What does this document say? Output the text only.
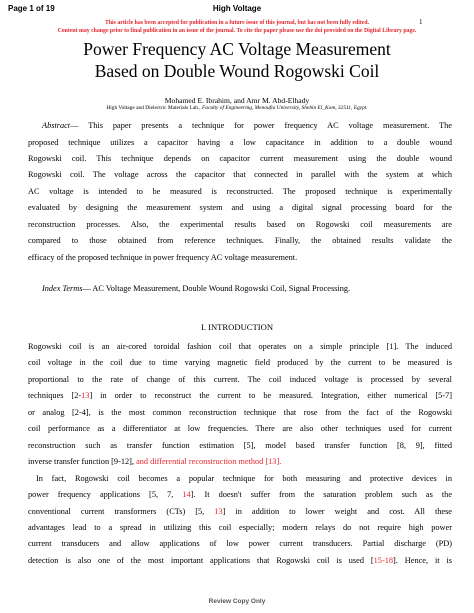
Page 1 of 19	High Voltage
1
This article has been accepted for publication in a future issue of this journal, but has not been fully edited.
Content may change prior to final publication in an issue of the journal. To cite the paper please use the doi provided on the Digital Library page.
Power Frequency AC Voltage Measurement
Based on Double Wound Rogowski Coil
Mohamed E. Ibrahim, and Amr M. Abd-Elhady
High Voltage and Dielectric Materials Lab., Faculty of Engineering, Menoufia University, Shebin El_Kom, 32511, Egypt.
Abstract— This paper presents a technique for power frequency AC voltage measurement. The
proposed technique utilizes a capacitor having a low capacitance in addition to a double wound
Rogowski coil. This technique depends on capacitor current measurement using the double wound
Rogowski coil. The voltage across the capacitor that connected in parallel with the system at which
AC voltage is intended to be measured is reconstructed. The proposed technique is experimentally
evaluated by designing the measurement system and using a digital signal processing board for the
reconstruction processes. Also, the experimental results based on Rogowski coil measurements are
compared to those obtained from reference techniques. Finally, the obtained results validate the
efficacy of the proposed technique in power frequency AC voltage measurement.
Index Terms— AC Voltage Measurement, Double Wound Rogowski Coil, Signal Processing.
I. INTRODUCTION
Rogowski coil is an air-cored toroidal fashion coil that operates on a simple principle [1]. The induced
coil voltage in the coil due to time varying magnetic field produced by the current to be measured is
proportional to the rate of change of this current. The coil induced voltage is processed by several
techniques [2-13] in order to reconstruct the current to be measured. Integration, either numerical [5-7]
or analog [2-4], is the most common reconstruction technique that rose from the fact of the Rogowski
coil performance as a differentiator at low frequencies. There are also other techniques used for current
reconstruction such as transfer function estimation [5], model based transfer function [8, 9], fitted
inverse transfer function [9-12], and differential reconstruction method [13].
In fact, Rogowski coil becomes a popular technique for both measuring and protective devices in
power frequency applications [5, 7, 14]. It doesn't suffer from the saturation problem such as the
conventional current transformers (CTs) [5, 13] in addition to lower weight and cost. All these
advantages lead to a spread in utilizing this coil especially; modern relays do not require high power
current transducers and allow applications of low power current transducers. Partial discharge (PD)
detection is also one of the most important applications that Rogowski coil is used [15-18]. Hence, it is
Review Copy Only
